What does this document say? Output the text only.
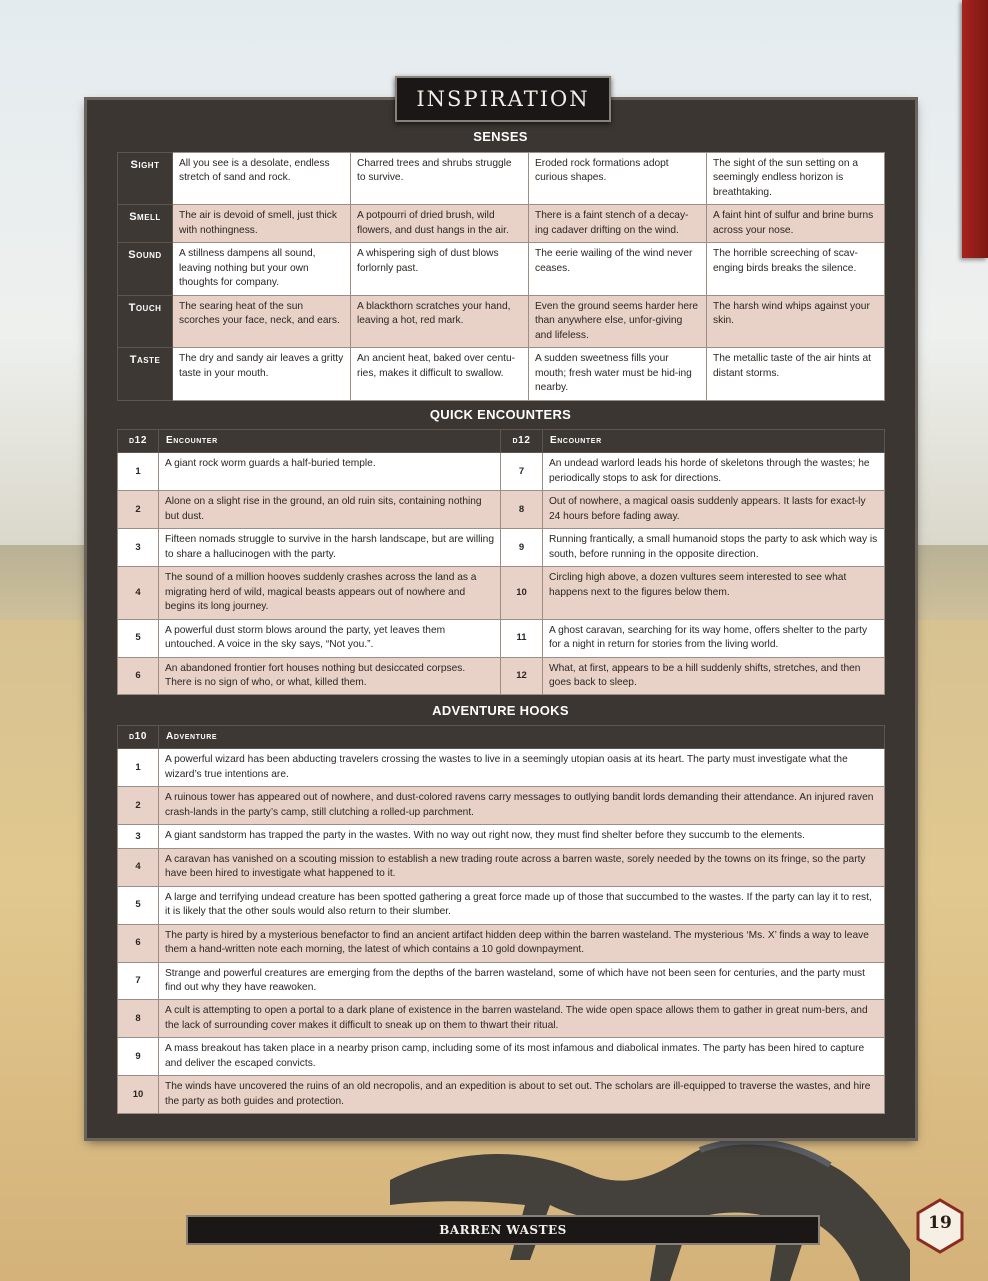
INSPIRATION
SENSES
Sight	All you see is a desolate, endless stretch of sand and rock.	Charred trees and shrubs struggle to survive.	Eroded rock formations adopt curious shapes.	The sight of the sun setting on a seemingly endless horizon is breathtaking.
Smell	The air is devoid of smell, just thick with nothingness.	A potpourri of dried brush, wild flowers, and dust hangs in the air.	There is a faint stench of a decay-ing cadaver drifting on the wind.	A faint hint of sulfur and brine burns across your nose.
Sound	A stillness dampens all sound, leaving nothing but your own thoughts for company.	A whispering sigh of dust blows forlornly past.	The eerie wailing of the wind never ceases.	The horrible screeching of scav-enging birds breaks the silence.
Touch	The searing heat of the sun scorches your face, neck, and ears.	A blackthorn scratches your hand, leaving a hot, red mark.	Even the ground seems harder here than anywhere else, unfor-giving and lifeless.	The harsh wind whips against your skin.
Taste	The dry and sandy air leaves a gritty taste in your mouth.	An ancient heat, baked over centu-ries, makes it difficult to swallow.	A sudden sweetness fills your mouth; fresh water must be hid-ing nearby.	The metallic taste of the air hints at distant storms.
QUICK ENCOUNTERS
d12	Encounter	d12	Encounter
1	A giant rock worm guards a half-buried temple.	7	An undead warlord leads his horde of skeletons through the wastes; he periodically stops to ask for directions.
2	Alone on a slight rise in the ground, an old ruin sits, containing nothing but dust.	8	Out of nowhere, a magical oasis suddenly appears. It lasts for exact-ly 24 hours before fading away.
3	Fifteen nomads struggle to survive in the harsh landscape, but are willing to share a hallucinogen with the party.	9	Running frantically, a small humanoid stops the party to ask which way is south, before running in the opposite direction.
4	The sound of a million hooves suddenly crashes across the land as a migrating herd of wild, magical beasts appears out of nowhere and begins its long journey.	10	Circling high above, a dozen vultures seem interested to see what happens next to the figures below them.
5	A powerful dust storm blows around the party, yet leaves them untouched. A voice in the sky says, “Not you.”.	11	A ghost caravan, searching for its way home, offers shelter to the party for a night in return for stories from the living world.
6	An abandoned frontier fort houses nothing but desiccated corpses. There is no sign of who, or what, killed them.	12	What, at first, appears to be a hill suddenly shifts, stretches, and then goes back to sleep.
ADVENTURE HOOKS
d10	Adventure
1	A powerful wizard has been abducting travelers crossing the wastes to live in a seemingly utopian oasis at its heart. The party must investigate what the wizard’s true intentions are.
2	A ruinous tower has appeared out of nowhere, and dust-colored ravens carry messages to outlying bandit lords demanding their attendance. An injured raven crash-lands in the party’s camp, still clutching a rolled-up parchment.
3	A giant sandstorm has trapped the party in the wastes. With no way out right now, they must find shelter before they succumb to the elements.
4	A caravan has vanished on a scouting mission to establish a new trading route across a barren waste, sorely needed by the towns on its fringe, so the party have been hired to investigate what happened to it.
5	A large and terrifying undead creature has been spotted gathering a great force made up of those that succumbed to the wastes. If the party can lay it to rest, it is likely that the other souls would also return to their slumber.
6	The party is hired by a mysterious benefactor to find an ancient artifact hidden deep within the barren wasteland. The mysterious ‘Ms. X’ finds a way to leave them a hand-written note each morning, the latest of which contains a 10 gold downpayment.
7	Strange and powerful creatures are emerging from the depths of the barren wasteland, some of which have not been seen for centuries, and the party must find out why they have reawoken.
8	A cult is attempting to open a portal to a dark plane of existence in the barren wasteland. The wide open space allows them to gather in great num-bers, and the lack of surrounding cover makes it difficult to sneak up on them to thwart their ritual.
9	A mass breakout has taken place in a nearby prison camp, including some of its most infamous and diabolical inmates. The party has been hired to capture and deliver the escaped convicts.
10	The winds have uncovered the ruins of an old necropolis, and an expedition is about to set out. The scholars are ill-equipped to traverse the wastes, and hire the party as both guides and protection.
BARREN WASTES	19
